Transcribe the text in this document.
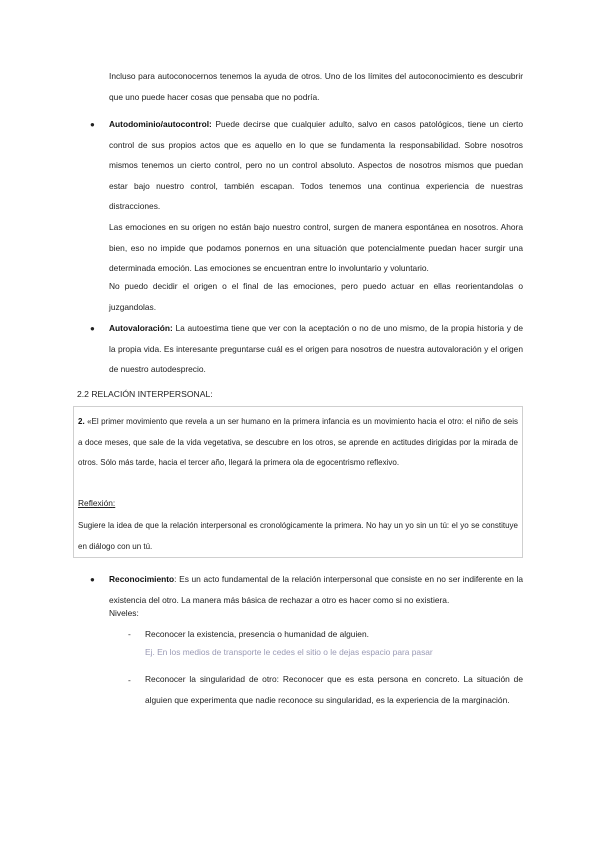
Incluso para autoconocernos tenemos la ayuda de otros. Uno de los límites del autoconocimiento es descubrir que uno puede hacer cosas que pensaba que no podría.

● Autodominio/autocontrol: Puede decirse que cualquier adulto, salvo en casos patológicos, tiene un cierto control de sus propios actos que es aquello en lo que se fundamenta la responsabilidad. Sobre nosotros mismos tenemos un cierto control, pero no un control absoluto. Aspectos de nosotros mismos que puedan estar bajo nuestro control, también escapan. Todos tenemos una continua experiencia de nuestras distracciones.

Las emociones en su origen no están bajo nuestro control, surgen de manera espontánea en nosotros. Ahora bien, eso no impide que podamos ponernos en una situación que potencialmente puedan hacer surgir una determinada emoción. Las emociones se encuentran entre lo involuntario y voluntario.

No puedo decidir el origen o el final de las emociones, pero puedo actuar en ellas reorientandolas o juzgandolas.

● Autovaloración: La autoestima tiene que ver con la aceptación o no de uno mismo, de la propia historia y de la propia vida. Es interesante preguntarse cuál es el origen para nosotros de nuestra autovaloración y el origen de nuestro autodesprecio.

2.2 RELACIÓN INTERPERSONAL:

2. «El primer movimiento que revela a un ser humano en la primera infancia es un movimiento hacia el otro: el niño de seis a doce meses, que sale de la vida vegetativa, se descubre en los otros, se aprende en actitudes dirigidas por la mirada de otros. Sólo más tarde, hacia el tercer año, llegará la primera ola de egocentrismo reflexivo.

Reflexión:

Sugiere la idea de que la relación interpersonal es cronológicamente la primera. No hay un yo sin un tú: el yo se constituye en diálogo con un tú.

● Reconocimiento: Es un acto fundamental de la relación interpersonal que consiste en no ser indiferente en la existencia del otro. La manera más básica de rechazar a otro es hacer como si no existiera.

Niveles:

- Reconocer la existencia, presencia o humanidad de alguien.

Ej. En los medios de transporte le cedes el sitio o le dejas espacio para pasar

- Reconocer la singularidad de otro: Reconocer que es esta persona en concreto. La situación de alguien que experimenta que nadie reconoce su singularidad, es la experiencia de la marginación.
